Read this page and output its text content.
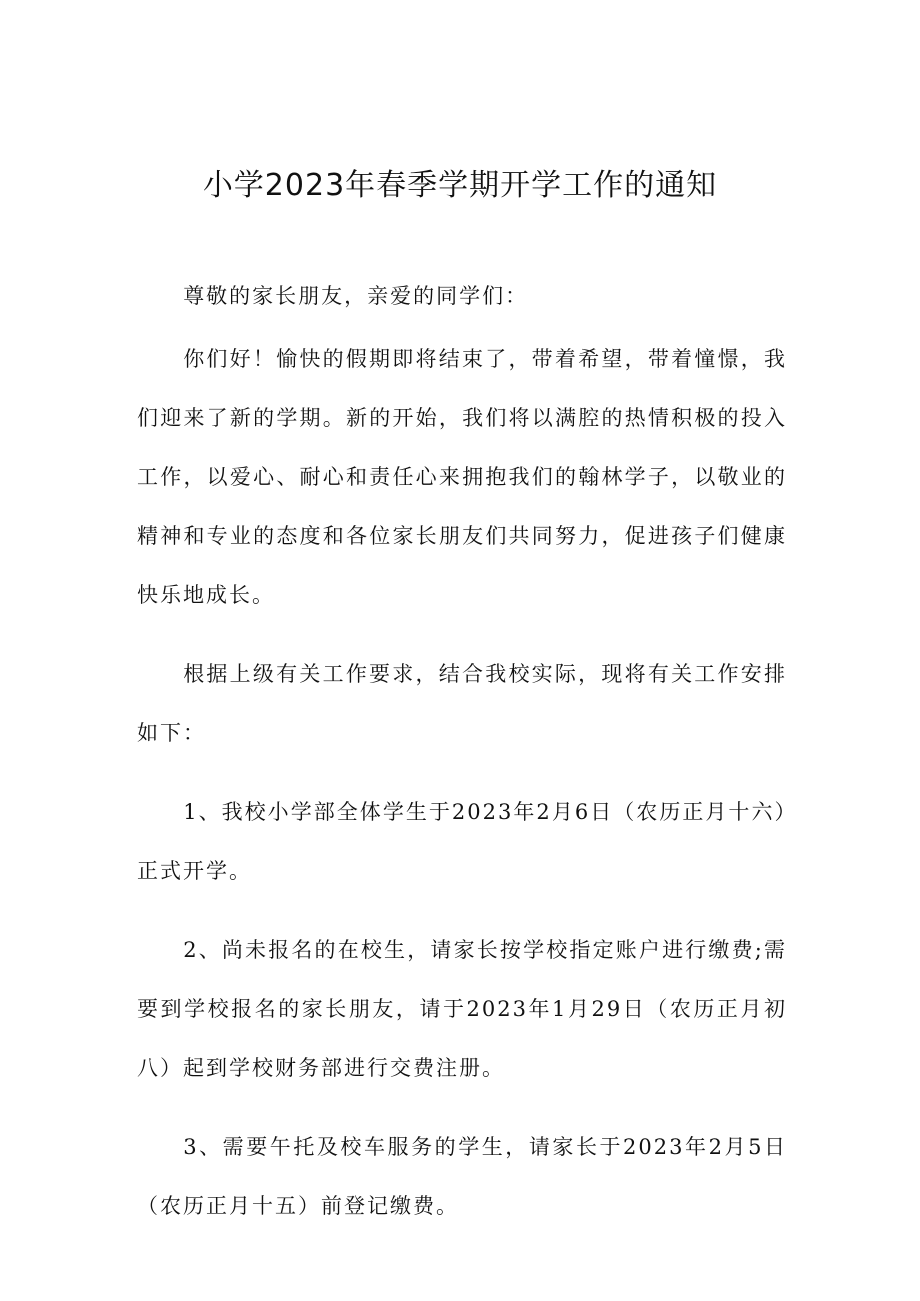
小学2023年春季学期开学工作的通知

尊敬的家长朋友，亲爱的同学们：

你们好！愉快的假期即将结束了，带着希望，带着憧憬，我们迎来了新的学期。新的开始，我们将以满腔的热情积极的投入工作，以爱心、耐心和责任心来拥抱我们的翰林学子，以敬业的精神和专业的态度和各位家长朋友们共同努力，促进孩子们健康快乐地成长。

根据上级有关工作要求，结合我校实际，现将有关工作安排如下：

1、我校小学部全体学生于2023年2月6日（农历正月十六）正式开学。

2、尚未报名的在校生，请家长按学校指定账户进行缴费;需要到学校报名的家长朋友，请于2023年1月29日（农历正月初八）起到学校财务部进行交费注册。

3、需要午托及校车服务的学生，请家长于2023年2月5日（农历正月十五）前登记缴费。
